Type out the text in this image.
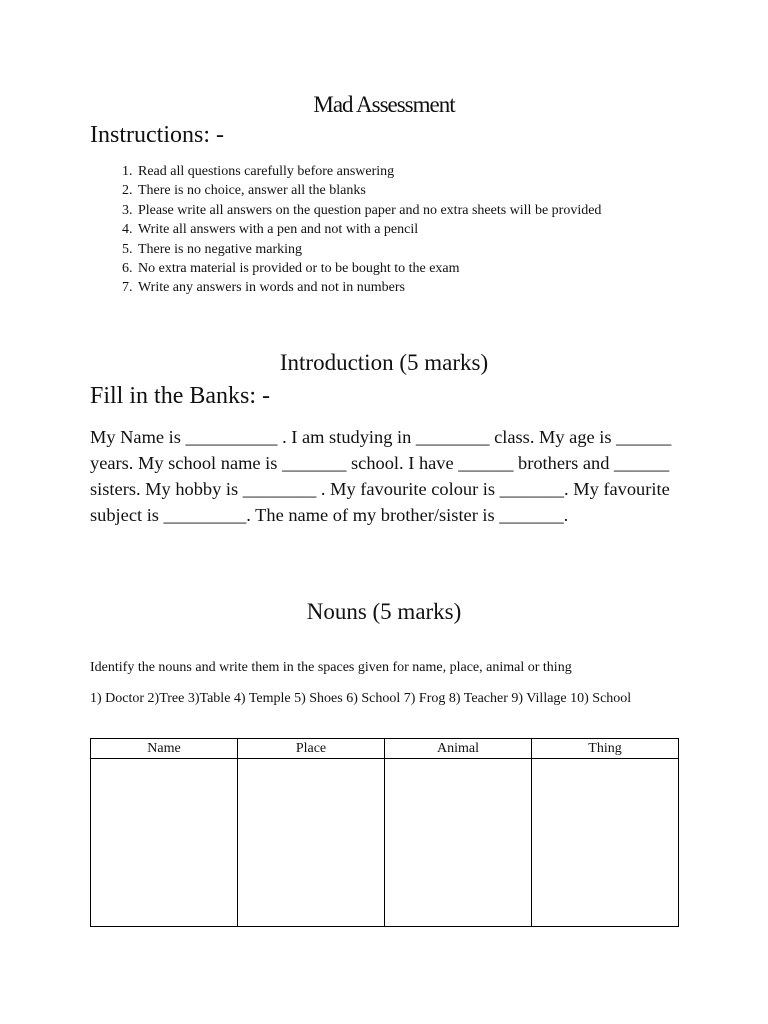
Mad Assessment
Instructions: -
1. Read all questions carefully before answering
2. There is no choice, answer all the blanks
3. Please write all answers on the question paper and no extra sheets will be provided
4. Write all answers with a pen and not with a pencil
5. There is no negative marking
6. No extra material is provided or to be bought to the exam
7. Write any answers in words and not in numbers
Introduction (5 marks)
Fill in the Banks: -

My Name is __________ . I am studying in ________ class. My age is ______ years. My school name is _______ school. I have ______ brothers and ______ sisters. My hobby is ________ . My favourite colour is _______. My favourite subject is _________. The name of my brother/sister is _______.

Nouns (5 marks)

Identify the nouns and write them in the spaces given for name, place, animal or thing

1) Doctor 2)Tree 3)Table 4) Temple 5) Shoes 6) School 7) Frog 8) Teacher 9) Village 10) School

Name	Place	Animal	Thing
